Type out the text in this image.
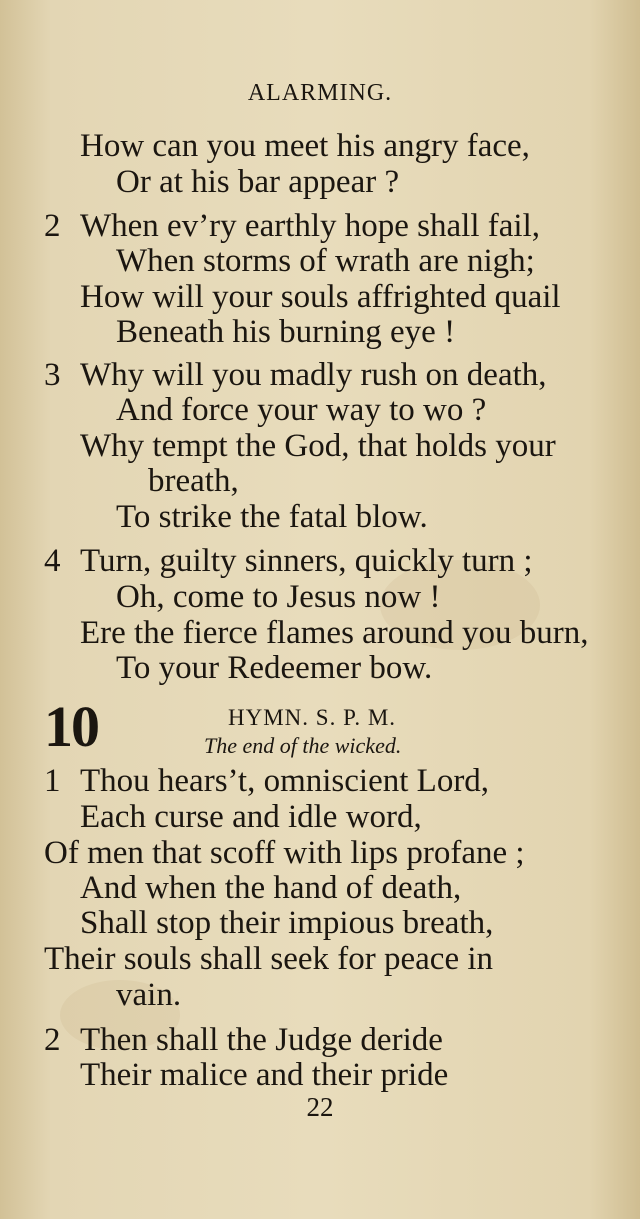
ALARMING.
How can you meet his angry face,
Or at his bar appear ?
2 When ev’ry earthly hope shall fail,
When storms of wrath are nigh;
How will your souls affrighted quail
Beneath his burning eye !
3 Why will you madly rush on death,
And force your way to wo ?
Why tempt the God, that holds your
breath,
To strike the fatal blow.
4 Turn, guilty sinners, quickly turn ;
Oh, come to Jesus now !
Ere the fierce flames around you burn,
To your Redeemer bow.
10	HYMN. S. P. M.
The end of the wicked.
1 Thou hears’t, omniscient Lord,
Each curse and idle word,
Of men that scoff with lips profane ;
And when the hand of death,
Shall stop their impious breath,
Their souls shall seek for peace in
vain.
2 Then shall the Judge deride
Their malice and their pride
22
